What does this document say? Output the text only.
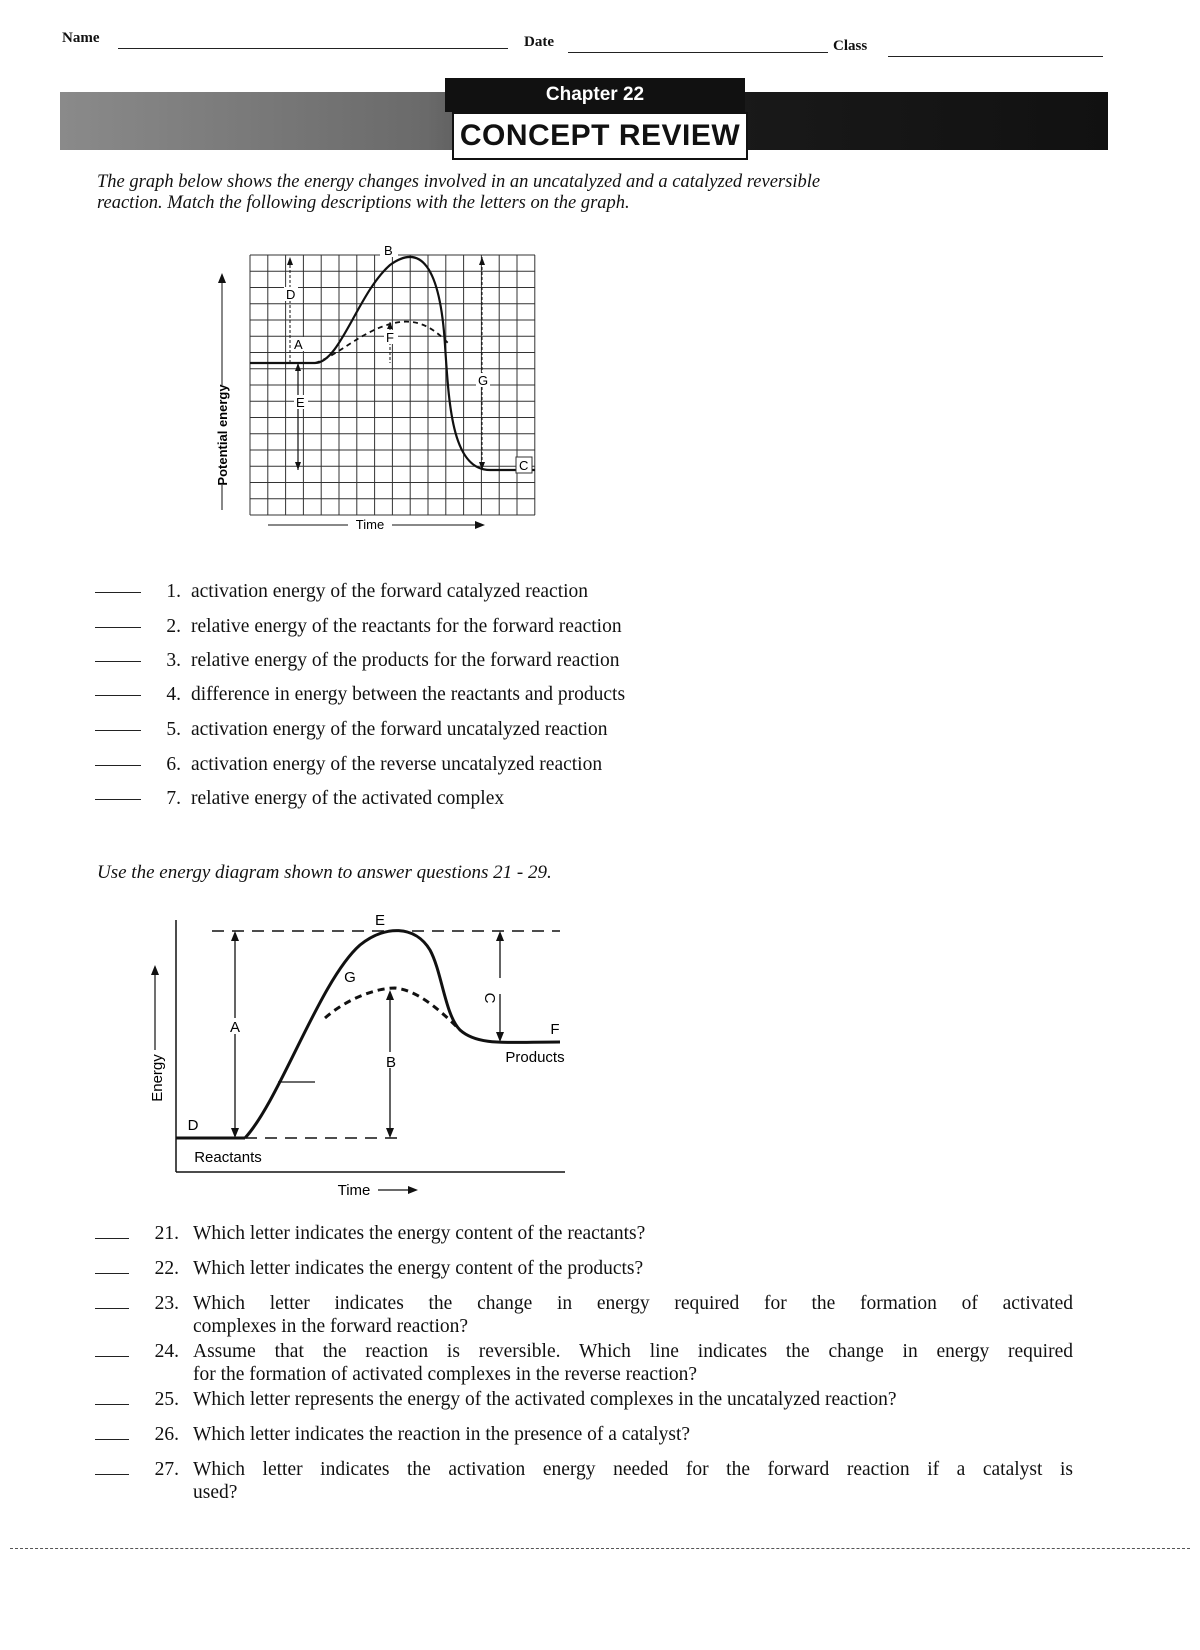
Name	Date	Class
Chapter 22
CONCEPT REVIEW
The graph below shows the energy changes involved in an uncatalyzed and a catalyzed reversible
reaction. Match the following descriptions with the letters on the graph.
B
D
A
E
F
G
C
Potential energy
Time
1. activation energy of the forward catalyzed reaction
2. relative energy of the reactants for the forward reaction
3. relative energy of the products for the forward reaction
4. difference in energy between the reactants and products
5. activation energy of the forward uncatalyzed reaction
6. activation energy of the reverse uncatalyzed reaction
7. relative energy of the activated complex
Use the energy diagram shown to answer questions 21 - 29.
E
G
C
A
B
F
D
Products
Reactants
Energy
Time
21. Which letter indicates the energy content of the reactants?
22. Which letter indicates the energy content of the products?
23. Which letter indicates the change in energy required for the formation of activated
complexes in the forward reaction?
24. Assume that the reaction is reversible. Which line indicates the change in energy required
for the formation of activated complexes in the reverse reaction?
25. Which letter represents the energy of the activated complexes in the uncatalyzed reaction?
26. Which letter indicates the reaction in the presence of a catalyst?
27. Which letter indicates the activation energy needed for the forward reaction if a catalyst is
used?
